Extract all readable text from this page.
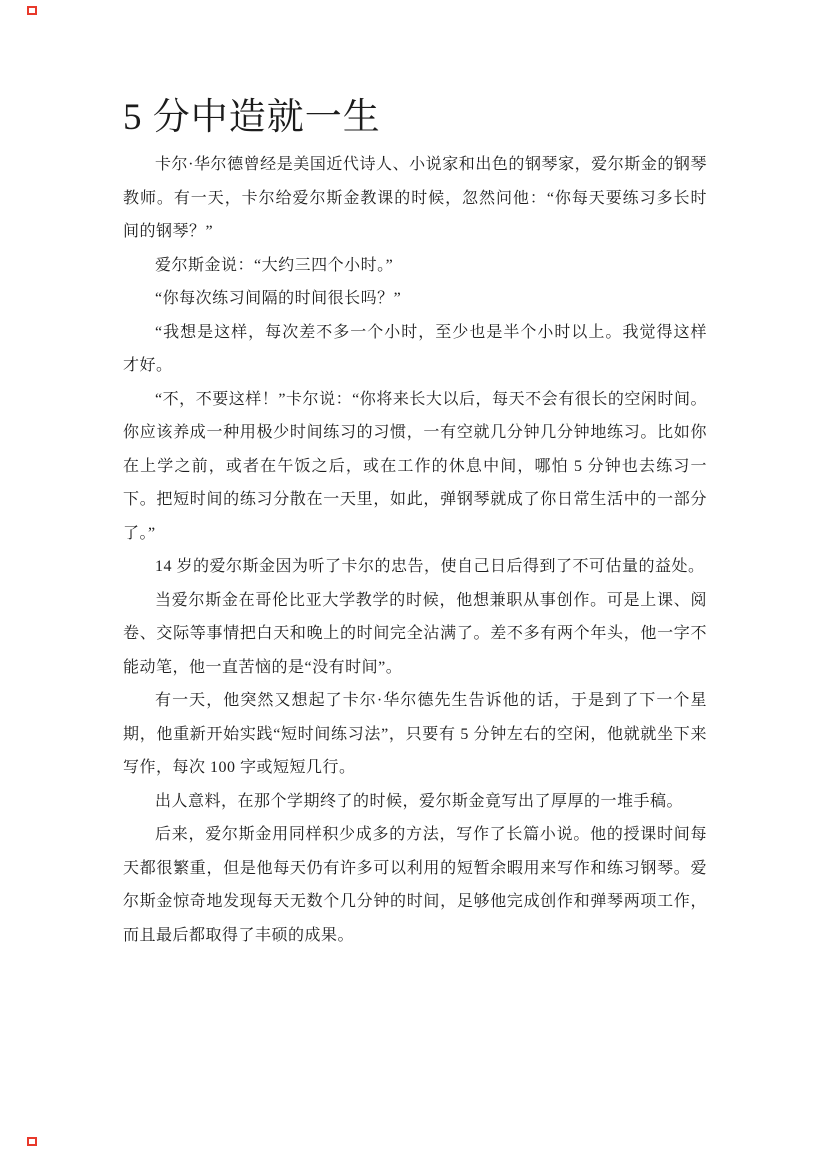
5 分中造就一生

卡尔·华尔德曾经是美国近代诗人、小说家和出色的钢琴家，爱尔斯金的钢琴教师。有一天，卡尔给爱尔斯金教课的时候，忽然问他：“你每天要练习多长时间的钢琴？”

爱尔斯金说：“大约三四个小时。”

“你每次练习间隔的时间很长吗？”

“我想是这样，每次差不多一个小时，至少也是半个小时以上。我觉得这样才好。

“不，不要这样！”卡尔说：“你将来长大以后，每天不会有很长的空闲时间。你应该养成一种用极少时间练习的习惯，一有空就几分钟几分钟地练习。比如你在上学之前，或者在午饭之后，或在工作的休息中间，哪怕 5 分钟也去练习一下。把短时间的练习分散在一天里，如此，弹钢琴就成了你日常生活中的一部分了。”

14 岁的爱尔斯金因为听了卡尔的忠告，使自己日后得到了不可估量的益处。

当爱尔斯金在哥伦比亚大学教学的时候，他想兼职从事创作。可是上课、阅卷、交际等事情把白天和晚上的时间完全沾满了。差不多有两个年头，他一字不能动笔，他一直苦恼的是“没有时间”。

有一天，他突然又想起了卡尔·华尔德先生告诉他的话，于是到了下一个星期，他重新开始实践“短时间练习法”，只要有 5 分钟左右的空闲，他就就坐下来写作，每次 100 字或短短几行。

出人意料，在那个学期终了的时候，爱尔斯金竟写出了厚厚的一堆手稿。

后来，爱尔斯金用同样积少成多的方法，写作了长篇小说。他的授课时间每天都很繁重，但是他每天仍有许多可以利用的短暂余暇用来写作和练习钢琴。爱尔斯金惊奇地发现每天无数个几分钟的时间，足够他完成创作和弹琴两项工作，而且最后都取得了丰硕的成果。
